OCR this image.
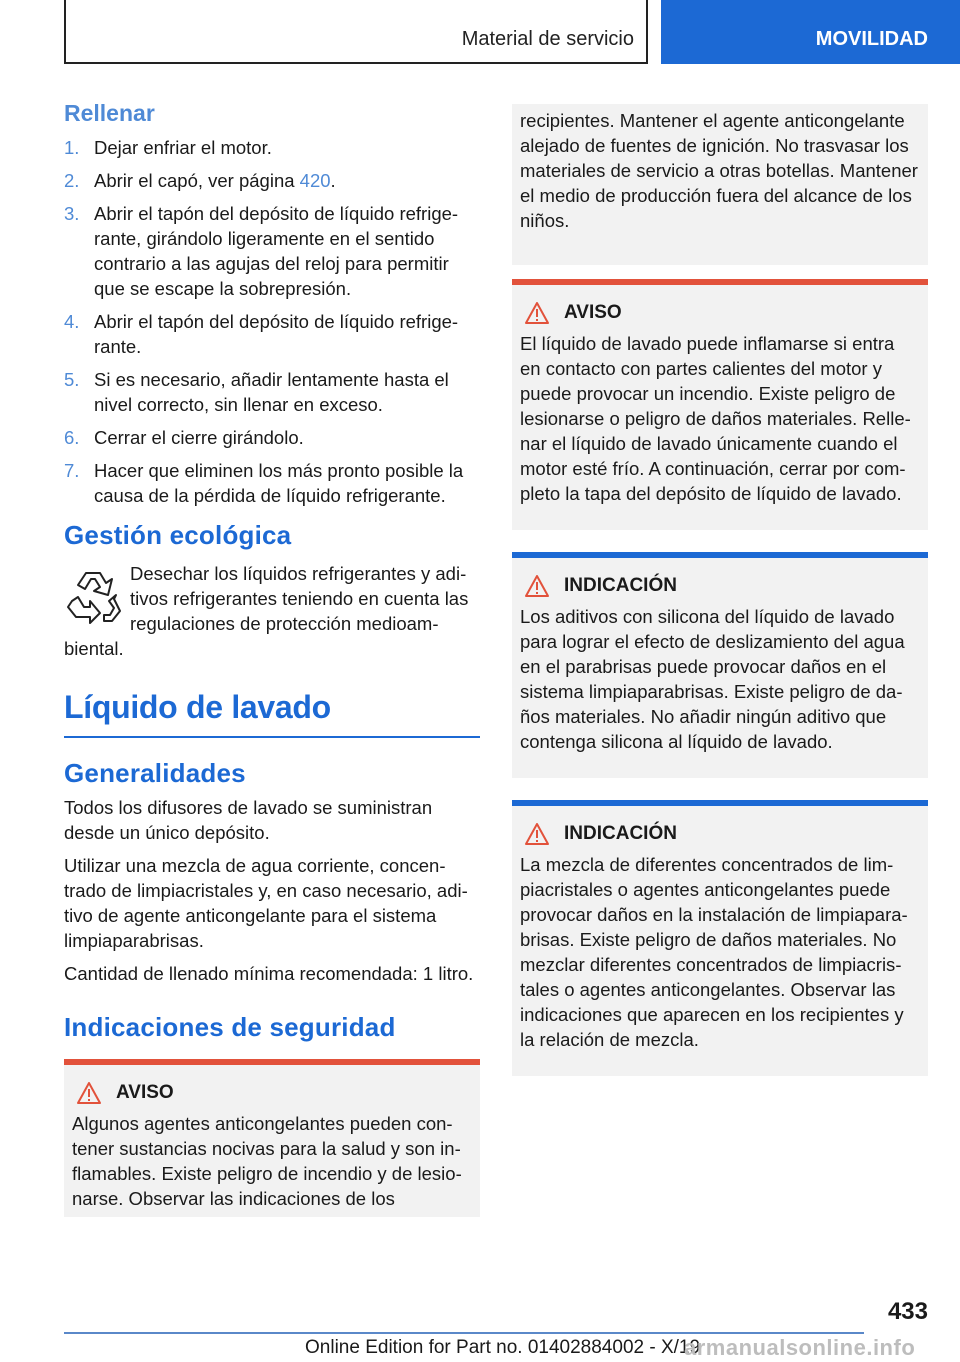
Material de servicio	MOVILIDAD
Rellenar
1. Dejar enfriar el motor.
2. Abrir el capó, ver página 420.
3. Abrir el tapón del depósito de líquido refrigerante, girándolo ligeramente en el sentido contrario a las agujas del reloj para permitir que se escape la sobrepresión.
4. Abrir el tapón del depósito de líquido refrigerante.
5. Si es necesario, añadir lentamente hasta el nivel correcto, sin llenar en exceso.
6. Cerrar el cierre girándolo.
7. Hacer que eliminen los más pronto posible la causa de la pérdida de líquido refrigerante.
Gestión ecológica
Desechar los líquidos refrigerantes y aditivos refrigerantes teniendo en cuenta las regulaciones de protección medioambiental.
Líquido de lavado
Generalidades

Todos los difusores de lavado se suministran desde un único depósito.

Utilizar una mezcla de agua corriente, concentrado de limpiacristales y, en caso necesario, aditivo de agente anticongelante para el sistema limpiaparabrisas.

Cantidad de llenado mínima recomendada: 1 litro.

Indicaciones de seguridad
AVISO

Algunos agentes anticongelantes pueden contener sustancias nocivas para la salud y son inflamables. Existe peligro de incendio y de lesionarse. Observar las indicaciones de los

recipientes. Mantener el agente anticongelante alejado de fuentes de ignición. No trasvasar los materiales de servicio a otras botellas. Mantener el medio de producción fuera del alcance de los niños.

AVISO

El líquido de lavado puede inflamarse si entra en contacto con partes calientes del motor y puede provocar un incendio. Existe peligro de lesionarse o peligro de daños materiales. Rellenar el líquido de lavado únicamente cuando el motor esté frío. A continuación, cerrar por completo la tapa del depósito de líquido de lavado.

INDICACIÓN

Los aditivos con silicona del líquido de lavado para lograr el efecto de deslizamiento del agua en el parabrisas puede provocar daños en el sistema limpiaparabrisas. Existe peligro de daños materiales. No añadir ningún aditivo que contenga silicona al líquido de lavado.

INDICACIÓN

La mezcla de diferentes concentrados de limpiacristales o agentes anticongelantes puede provocar daños en la instalación de limpiaparabrisas. Existe peligro de daños materiales. No mezclar diferentes concentrados de limpiacristales o agentes anticongelantes. Observar las indicaciones que aparecen en los recipientes y la relación de mezcla.

433
Online Edition for Part no. 01402884002 - X/19
armanualsonline.info
